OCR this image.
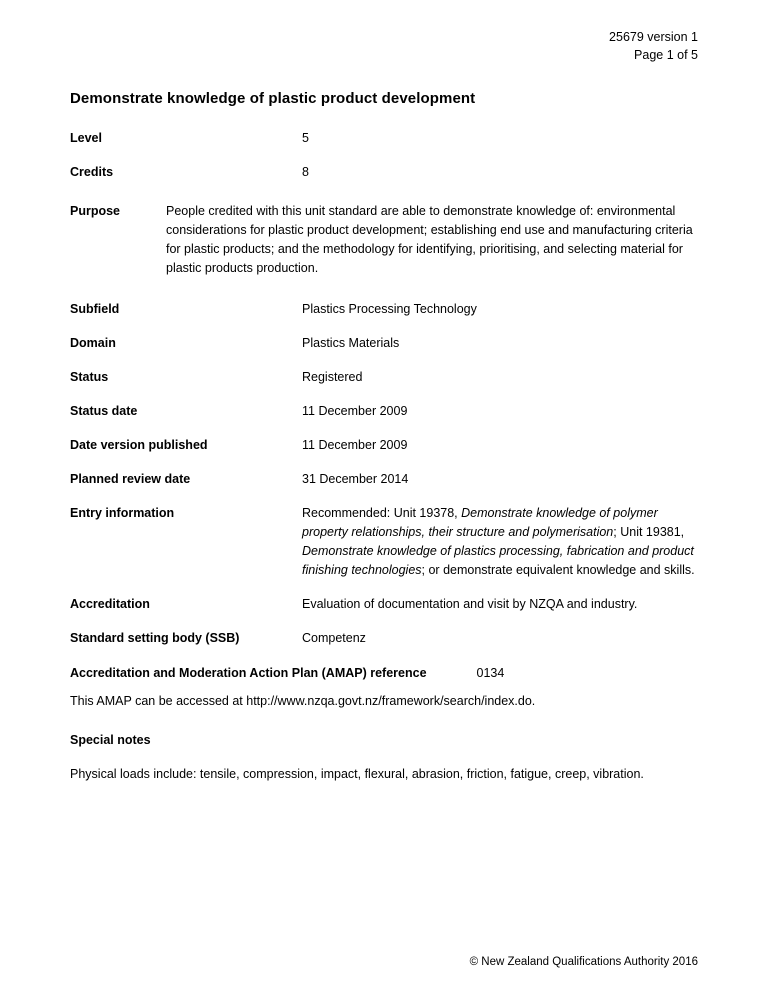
25679 version 1
Page 1 of 5
Demonstrate knowledge of plastic product development
Level	5
Credits	8
Purpose	People credited with this unit standard are able to demonstrate knowledge of: environmental considerations for plastic product development; establishing end use and manufacturing criteria for plastic products; and the methodology for identifying, prioritising, and selecting material for plastic products production.
Subfield	Plastics Processing Technology
Domain	Plastics Materials
Status	Registered
Status date	11 December 2009
Date version published	11 December 2009
Planned review date	31 December 2014
Entry information	Recommended: Unit 19378, Demonstrate knowledge of polymer property relationships, their structure and polymerisation; Unit 19381, Demonstrate knowledge of plastics processing, fabrication and product finishing technologies; or demonstrate equivalent knowledge and skills.
Accreditation	Evaluation of documentation and visit by NZQA and industry.
Standard setting body (SSB)	Competenz
Accreditation and Moderation Action Plan (AMAP) reference	0134
This AMAP can be accessed at http://www.nzqa.govt.nz/framework/search/index.do.
Special notes
Physical loads include: tensile, compression, impact, flexural, abrasion, friction, fatigue, creep, vibration.
© New Zealand Qualifications Authority 2016
